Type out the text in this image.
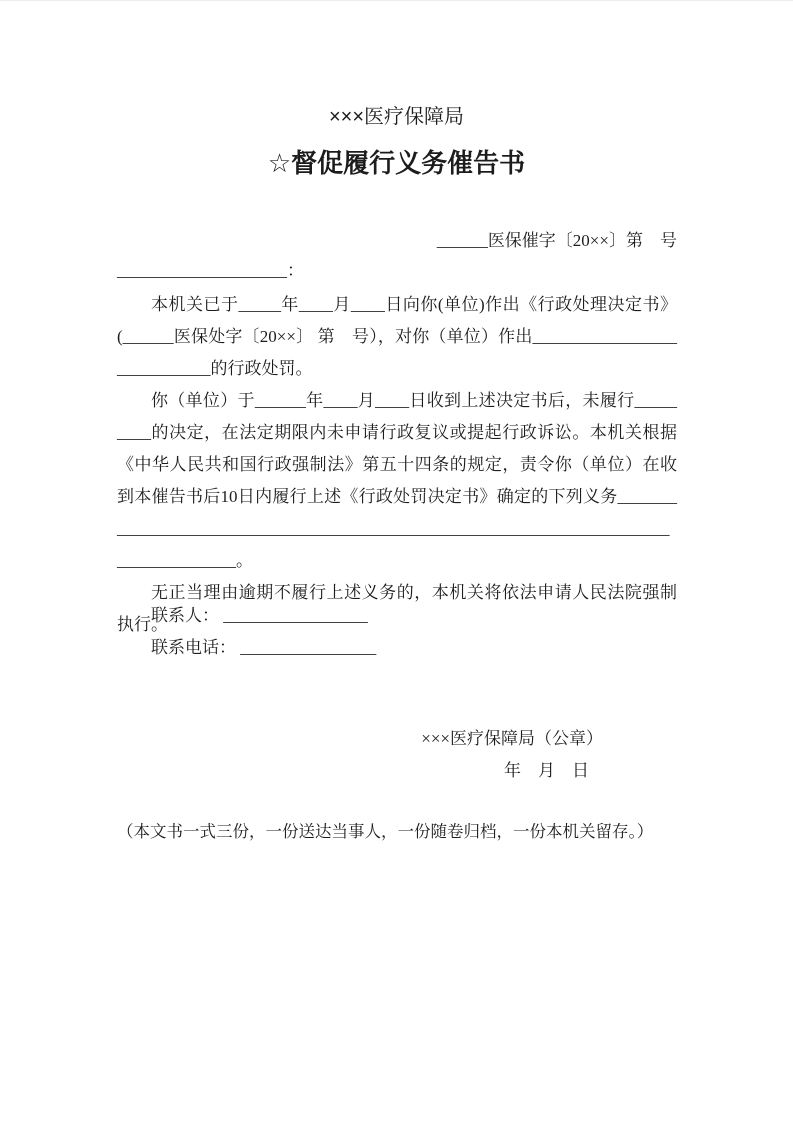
×××医疗保障局
☆督促履行义务催告书
______医保催字〔20××〕第　号
____________________：

本机关已于_____年____月____日向你(单位)作出《行政处理决定书》(______医保处字〔20××〕 第　号），对你（单位）作出____________________________的行政处罚。

你（单位）于______年____月____日收到上述决定书后，未履行_________的决定，在法定期限内未申请行政复议或提起行政诉讼。本机关根据《中华人民共和国行政强制法》第五十四条的规定，责令你（单位）在收到本催告书后10日内履行上述《行政处罚决定书》确定的下列义务______________________________________________________________________________________。

无正当理由逾期不履行上述义务的，本机关将依法申请人民法院强制执行。

联系人： _________________
联系电话： ________________
×××医疗保障局（公章）
年　月　日
（本文书一式三份，一份送达当事人，一份随卷归档，一份本机关留存。）
